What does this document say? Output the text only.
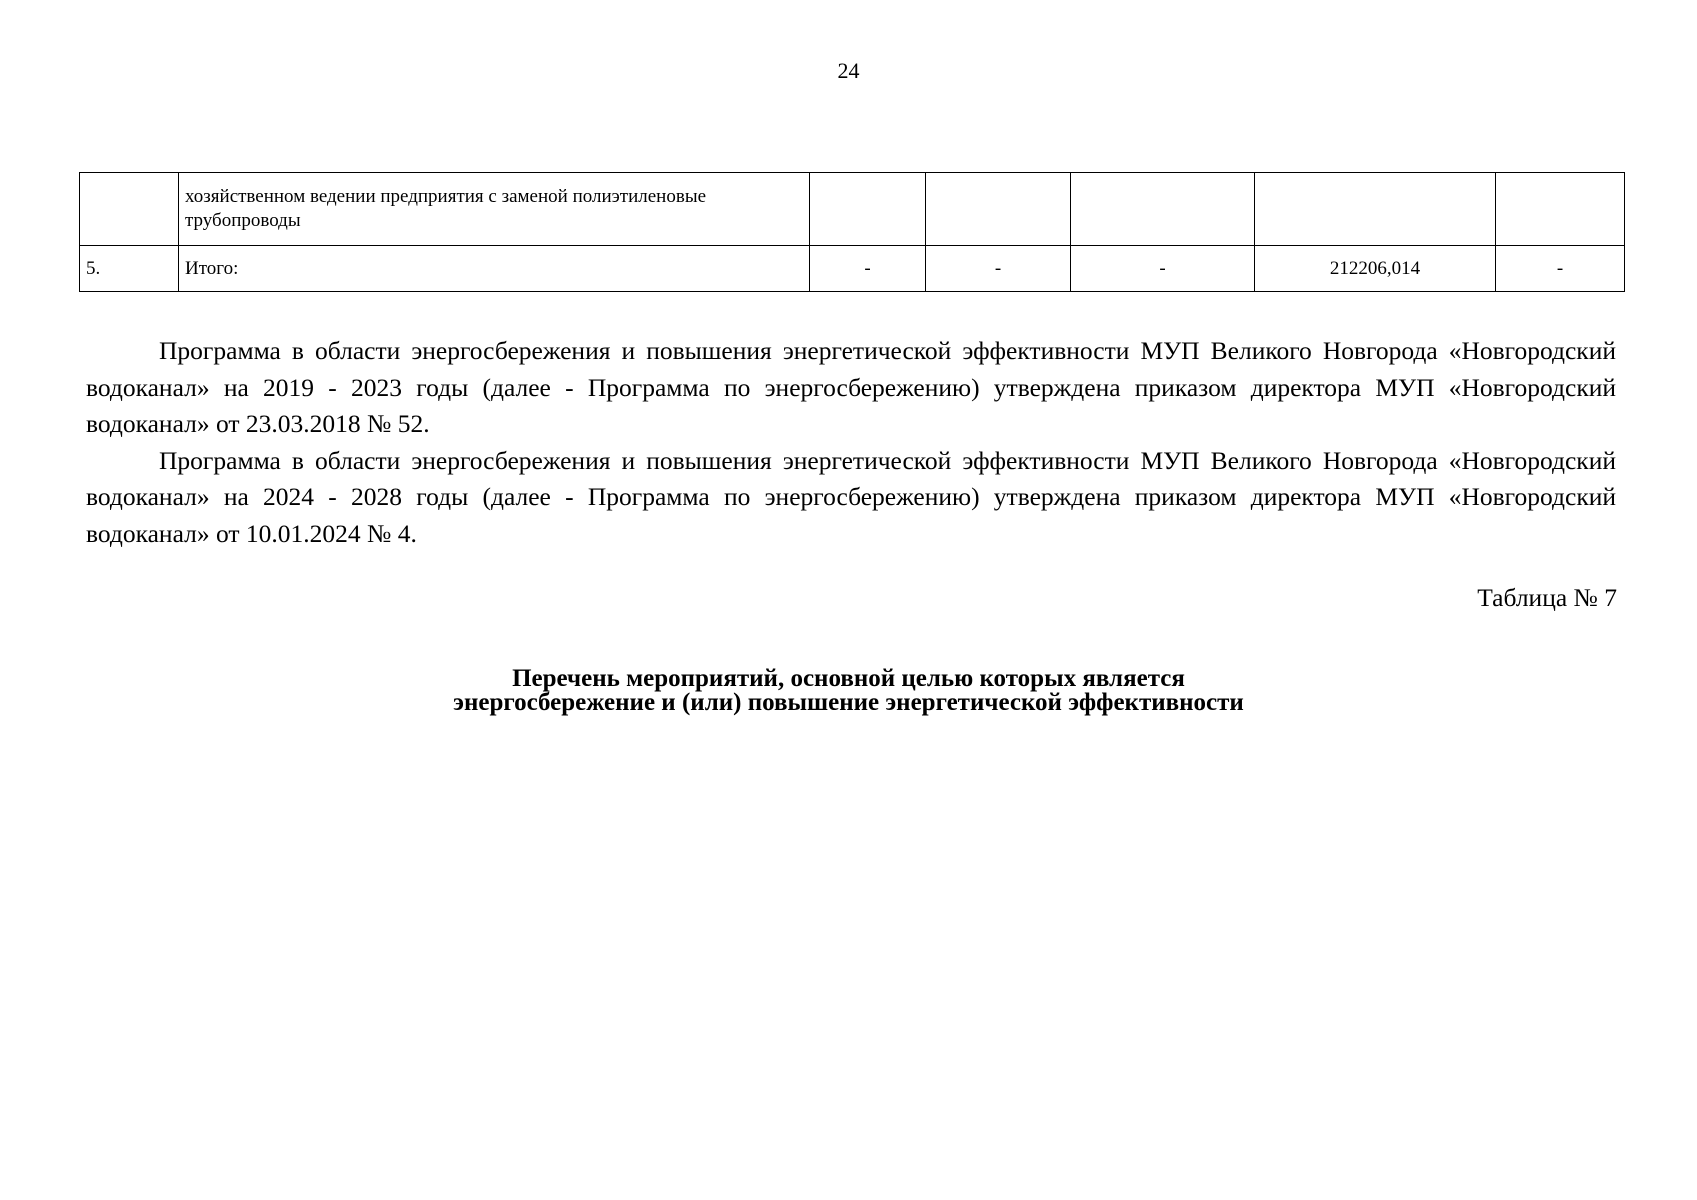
24
	хозяйственном ведении предприятия с заменой полиэтиленовые трубопроводы					
5.	Итого:	-	-	-	212206,014	-

Программа в области энергосбережения и повышения энергетической эффективности МУП Великого Новгорода «Новгородский водоканал» на 2019 - 2023 годы (далее - Программа по энергосбережению) утверждена приказом директора МУП «Новгородский водоканал» от 23.03.2018 № 52.

Программа в области энергосбережения и повышения энергетической эффективности МУП Великого Новгорода «Новгородский водоканал» на 2024 - 2028 годы (далее - Программа по энергосбережению) утверждена приказом директора МУП «Новгородский водоканал» от 10.01.2024 № 4.

Таблица № 7
Перечень мероприятий, основной целью которых является
энергосбережение и (или) повышение энергетической эффективности
